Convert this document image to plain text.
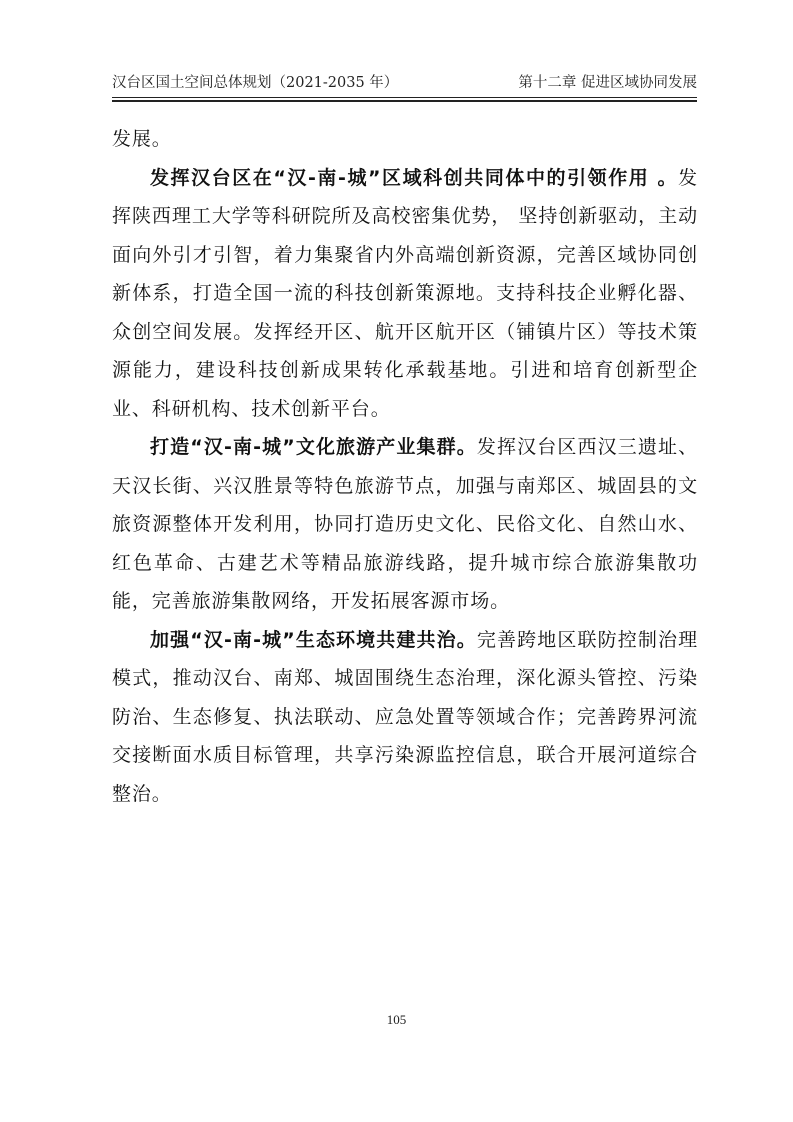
汉台区国土空间总体规划（2021-2035 年）	第十二章 促进区域协同发展

发展。

发挥汉台区在“汉-南-城”区域科创共同体中的引领作用 。发挥陕西理工大学等科研院所及高校密集优势， 坚持创新驱动，主动面向外引才引智，着力集聚省内外高端创新资源，完善区域协同创新体系，打造全国一流的科技创新策源地。支持科技企业孵化器、众创空间发展。发挥经开区、航开区航开区（铺镇片区）等技术策源能力，建设科技创新成果转化承载基地。引进和培育创新型企业、科研机构、技术创新平台。

打造“汉-南-城”文化旅游产业集群。发挥汉台区西汉三遗址、天汉长街、兴汉胜景等特色旅游节点，加强与南郑区、城固县的文旅资源整体开发利用，协同打造历史文化、民俗文化、自然山水、红色革命、古建艺术等精品旅游线路，提升城市综合旅游集散功能，完善旅游集散网络，开发拓展客源市场。

加强“汉-南-城”生态环境共建共治。完善跨地区联防控制治理模式，推动汉台、南郑、城固围绕生态治理，深化源头管控、污染防治、生态修复、执法联动、应急处置等领域合作；完善跨界河流交接断面水质目标管理，共享污染源监控信息，联合开展河道综合整治。

105
